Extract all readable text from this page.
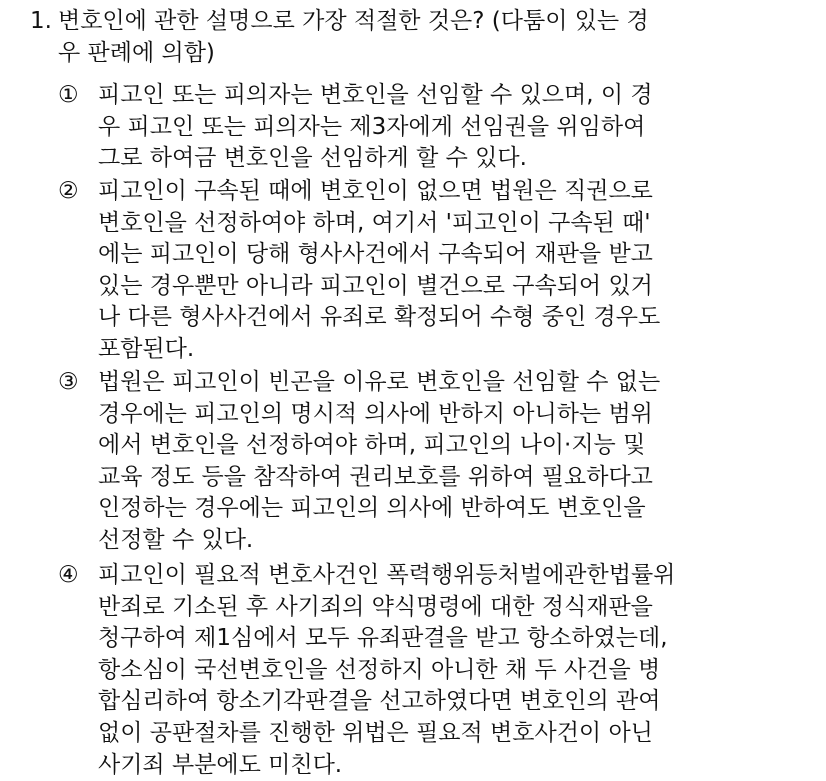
1. 변호인에 관한 설명으로 가장 적절한 것은? (다툼이 있는 경
우 판례에 의함)
① 피고인 또는 피의자는 변호인을 선임할 수 있으며, 이 경
우 피고인 또는 피의자는 제3자에게 선임권을 위임하여
그로 하여금 변호인을 선임하게 할 수 있다.
② 피고인이 구속된 때에 변호인이 없으면 법원은 직권으로
변호인을 선정하여야 하며, 여기서 '피고인이 구속된 때'
에는 피고인이 당해 형사사건에서 구속되어 재판을 받고
있는 경우뿐만 아니라 피고인이 별건으로 구속되어 있거
나 다른 형사사건에서 유죄로 확정되어 수형 중인 경우도
포함된다.
③ 법원은 피고인이 빈곤을 이유로 변호인을 선임할 수 없는
경우에는 피고인의 명시적 의사에 반하지 아니하는 범위
에서 변호인을 선정하여야 하며, 피고인의 나이·지능 및
교육 정도 등을 참작하여 권리보호를 위하여 필요하다고
인정하는 경우에는 피고인의 의사에 반하여도 변호인을
선정할 수 있다.
④ 피고인이 필요적 변호사건인 폭력행위등처벌에관한법률위
반죄로 기소된 후 사기죄의 약식명령에 대한 정식재판을
청구하여 제1심에서 모두 유죄판결을 받고 항소하였는데,
항소심이 국선변호인을 선정하지 아니한 채 두 사건을 병
합심리하여 항소기각판결을 선고하였다면 변호인의 관여
없이 공판절차를 진행한 위법은 필요적 변호사건이 아닌
사기죄 부분에도 미친다.
